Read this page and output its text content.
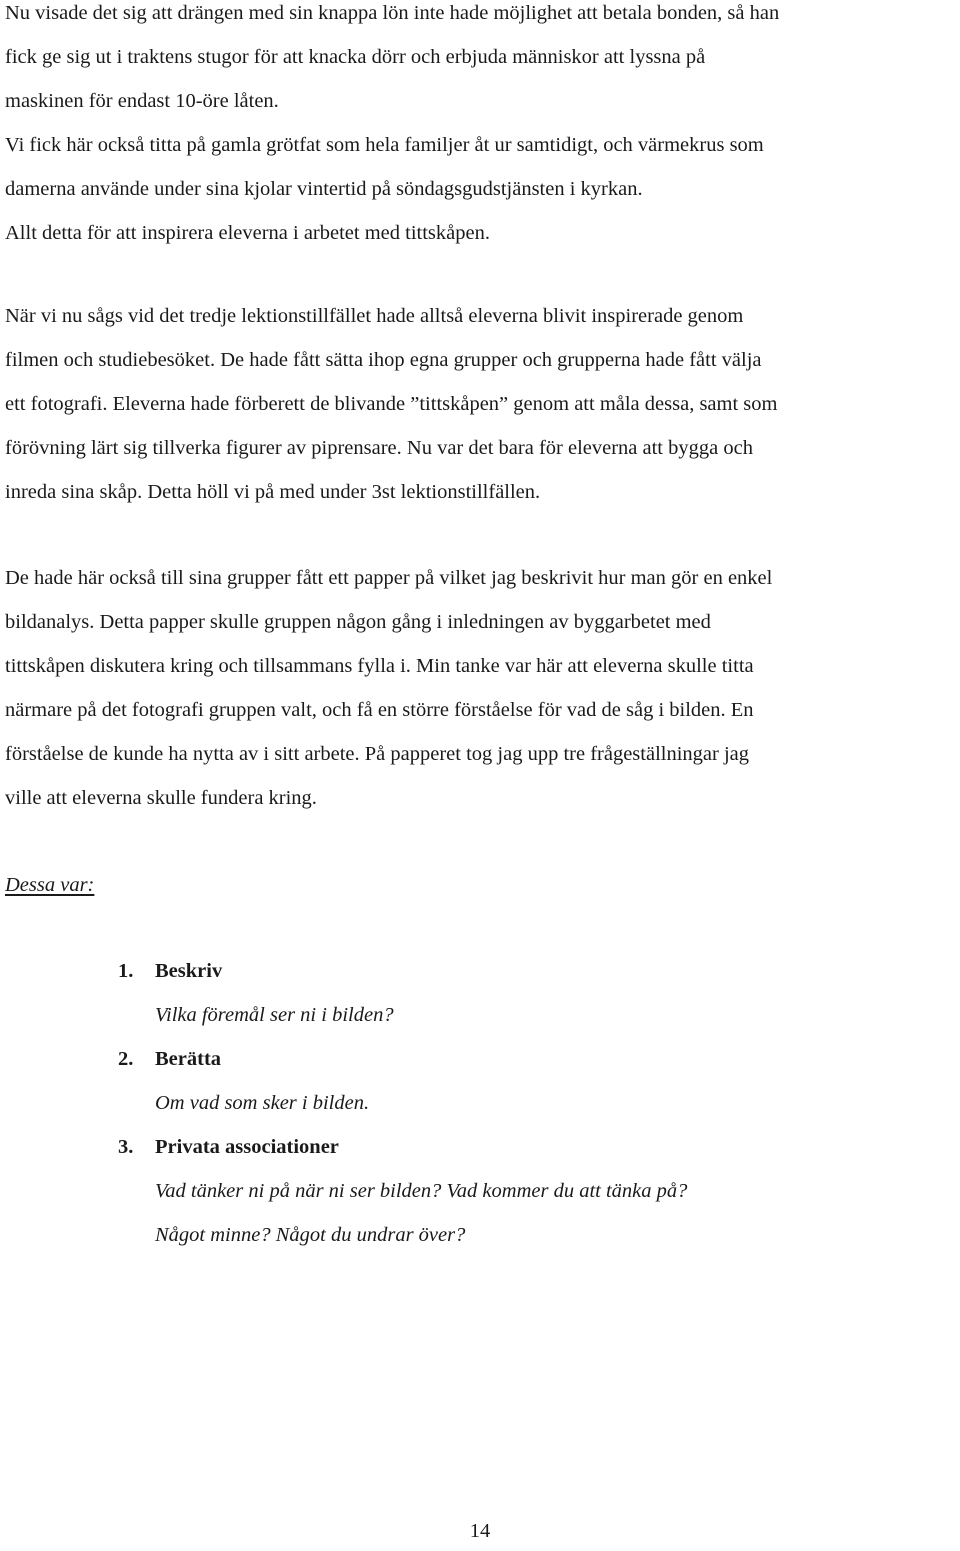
Nu visade det sig att drängen med sin knappa lön inte hade möjlighet att betala bonden, så han
fick ge sig ut i traktens stugor för att knacka dörr och erbjuda människor att lyssna på
maskinen för endast 10-öre låten.
Vi fick här också titta på gamla grötfat som hela familjer åt ur samtidigt, och värmekrus som
damerna använde under sina kjolar vintertid på söndagsgudstjänsten i kyrkan.
Allt detta för att inspirera eleverna i arbetet med tittskåpen.

När vi nu sågs vid det tredje lektionstillfället hade alltså eleverna blivit inspirerade genom
filmen och studiebesöket. De hade fått sätta ihop egna grupper och grupperna hade fått välja
ett fotografi. Eleverna hade förberett de blivande ”tittskåpen” genom att måla dessa, samt som
förövning lärt sig tillverka figurer av piprensare. Nu var det bara för eleverna att bygga och
inreda sina skåp. Detta höll vi på med under 3st lektionstillfällen.

De hade här också till sina grupper fått ett papper på vilket jag beskrivit hur man gör en enkel
bildanalys. Detta papper skulle gruppen någon gång i inledningen av byggarbetet med
tittskåpen diskutera kring och tillsammans fylla i. Min tanke var här att eleverna skulle titta
närmare på det fotografi gruppen valt, och få en större förståelse för vad de såg i bilden. En
förståelse de kunde ha nytta av i sitt arbete. På papperet tog jag upp tre frågeställningar jag
ville att eleverna skulle fundera kring.

Dessa var:
1. Beskriv
Vilka föremål ser ni i bilden?
2. Berätta
Om vad som sker i bilden.
3. Privata associationer
Vad tänker ni på när ni ser bilden? Vad kommer du att tänka på?
Något minne? Något du undrar över?
14
